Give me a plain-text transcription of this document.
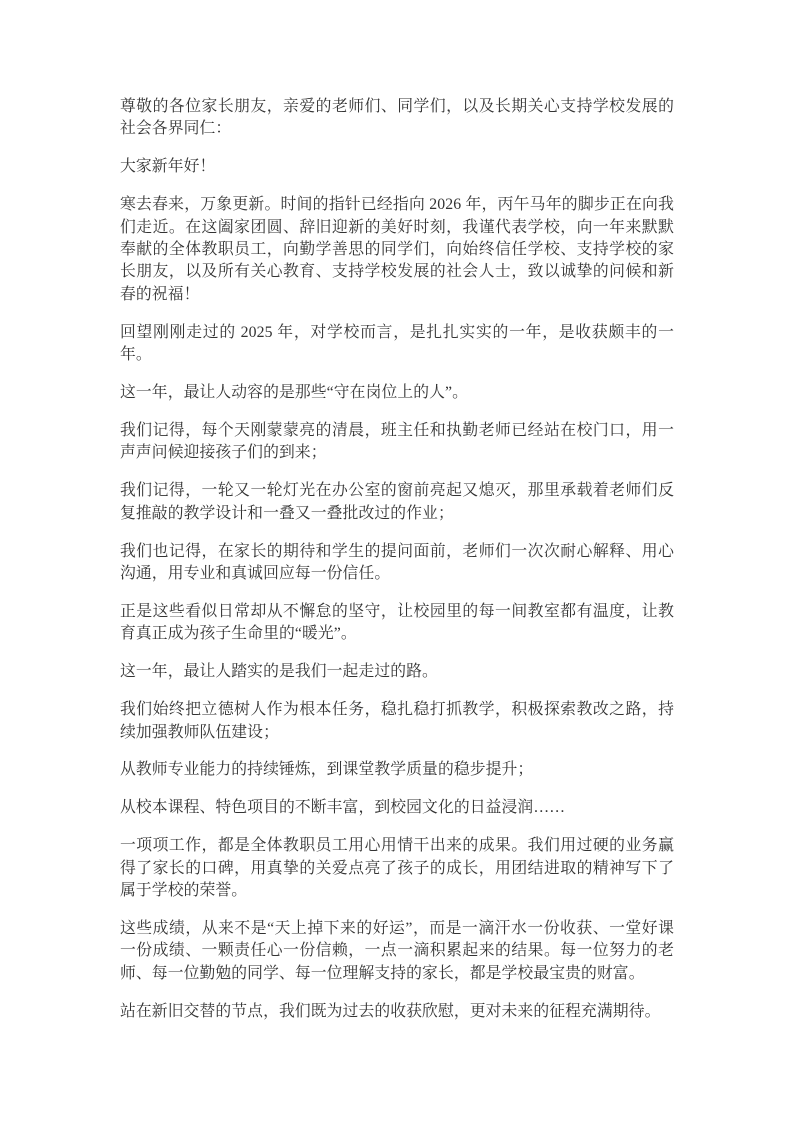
尊敬的各位家长朋友，亲爱的老师们、同学们，以及长期关心支持学校发展的社会各界同仁：

大家新年好！

寒去春来，万象更新。时间的指针已经指向 2026 年，丙午马年的脚步正在向我们走近。在这阖家团圆、辞旧迎新的美好时刻，我谨代表学校，向一年来默默奉献的全体教职员工，向勤学善思的同学们，向始终信任学校、支持学校的家长朋友，以及所有关心教育、支持学校发展的社会人士，致以诚挚的问候和新春的祝福！

回望刚刚走过的 2025 年，对学校而言，是扎扎实实的一年，是收获颇丰的一年。

这一年，最让人动容的是那些“守在岗位上的人”。

我们记得，每个天刚蒙蒙亮的清晨，班主任和执勤老师已经站在校门口，用一声声问候迎接孩子们的到来；

我们记得，一轮又一轮灯光在办公室的窗前亮起又熄灭，那里承载着老师们反复推敲的教学设计和一叠又一叠批改过的作业；

我们也记得，在家长的期待和学生的提问面前，老师们一次次耐心解释、用心沟通，用专业和真诚回应每一份信任。

正是这些看似日常却从不懈怠的坚守，让校园里的每一间教室都有温度，让教育真正成为孩子生命里的“暖光”。

这一年，最让人踏实的是我们一起走过的路。

我们始终把立德树人作为根本任务，稳扎稳打抓教学，积极探索教改之路，持续加强教师队伍建设；

从教师专业能力的持续锤炼，到课堂教学质量的稳步提升；

从校本课程、特色项目的不断丰富，到校园文化的日益浸润……

一项项工作，都是全体教职员工用心用情干出来的成果。我们用过硬的业务赢得了家长的口碑，用真挚的关爱点亮了孩子的成长，用团结进取的精神写下了属于学校的荣誉。

这些成绩，从来不是“天上掉下来的好运”，而是一滴汗水一份收获、一堂好课一份成绩、一颗责任心一份信赖，一点一滴积累起来的结果。每一位努力的老师、每一位勤勉的同学、每一位理解支持的家长，都是学校最宝贵的财富。

站在新旧交替的节点，我们既为过去的收获欣慰，更对未来的征程充满期待。
